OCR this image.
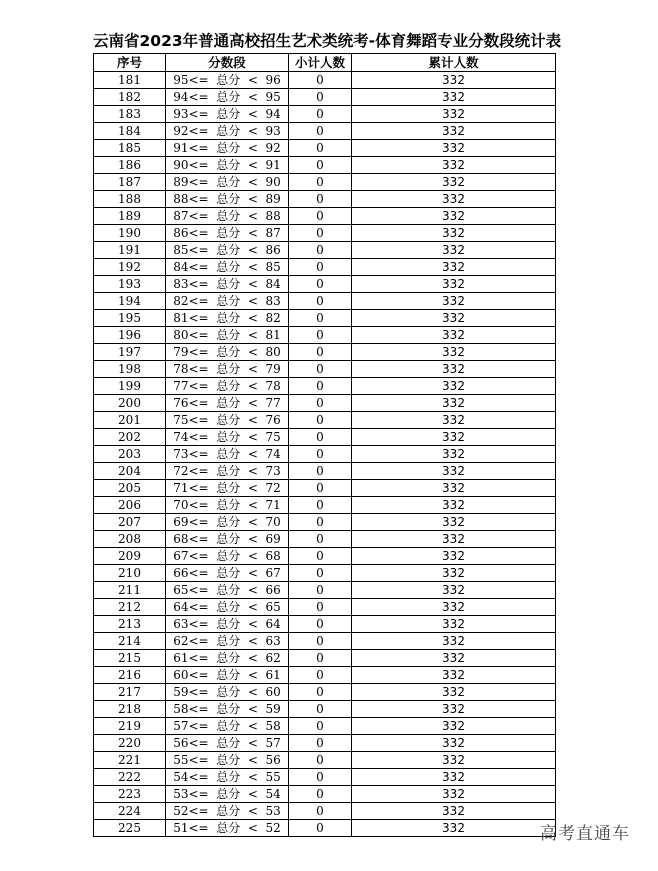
云南省2023年普通高校招生艺术类统考-体育舞蹈专业分数段统计表
序号	分数段	小计人数	累计人数
181	95<=  总分  <  96	0	332
182	94<=  总分  <  95	0	332
183	93<=  总分  <  94	0	332
184	92<=  总分  <  93	0	332
185	91<=  总分  <  92	0	332
186	90<=  总分  <  91	0	332
187	89<=  总分  <  90	0	332
188	88<=  总分  <  89	0	332
189	87<=  总分  <  88	0	332
190	86<=  总分  <  87	0	332
191	85<=  总分  <  86	0	332
192	84<=  总分  <  85	0	332
193	83<=  总分  <  84	0	332
194	82<=  总分  <  83	0	332
195	81<=  总分  <  82	0	332
196	80<=  总分  <  81	0	332
197	79<=  总分  <  80	0	332
198	78<=  总分  <  79	0	332
199	77<=  总分  <  78	0	332
200	76<=  总分  <  77	0	332
201	75<=  总分  <  76	0	332
202	74<=  总分  <  75	0	332
203	73<=  总分  <  74	0	332
204	72<=  总分  <  73	0	332
205	71<=  总分  <  72	0	332
206	70<=  总分  <  71	0	332
207	69<=  总分  <  70	0	332
208	68<=  总分  <  69	0	332
209	67<=  总分  <  68	0	332
210	66<=  总分  <  67	0	332
211	65<=  总分  <  66	0	332
212	64<=  总分  <  65	0	332
213	63<=  总分  <  64	0	332
214	62<=  总分  <  63	0	332
215	61<=  总分  <  62	0	332
216	60<=  总分  <  61	0	332
217	59<=  总分  <  60	0	332
218	58<=  总分  <  59	0	332
219	57<=  总分  <  58	0	332
220	56<=  总分  <  57	0	332
221	55<=  总分  <  56	0	332
222	54<=  总分  <  55	0	332
223	53<=  总分  <  54	0	332
224	52<=  总分  <  53	0	332
225	51<=  总分  <  52	0	332	高考直通车
